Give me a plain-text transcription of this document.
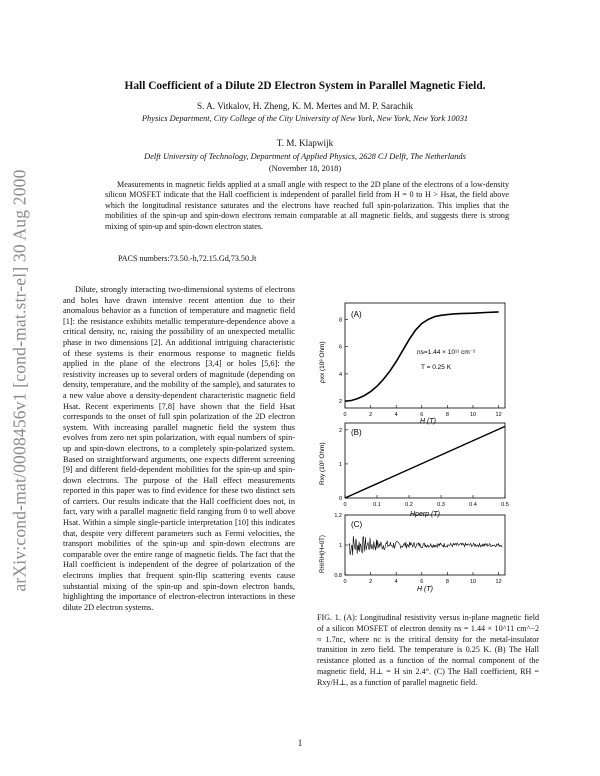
arXiv:cond-mat/0008456v1 [cond-mat.str-el] 30 Aug 2000
Hall Coefficient of a Dilute 2D Electron System in Parallel Magnetic Field.
S. A. Vitkalov, H. Zheng, K. M. Mertes and M. P. Sarachik
Physics Department, City College of the City University of New York, New York, New York 10031
T. M. Klapwijk
Delft University of Technology, Department of Applied Physics, 2628 CJ Delft, The Netherlands
(November 18, 2018)
Measurements in magnetic fields applied at a small angle with respect to the 2D plane of the electrons of a low-density silicon MOSFET indicate that the Hall coefficient is independent of parallel field from H = 0 to H > Hsat, the field above which the longitudinal resistance saturates and the electrons have reached full spin-polarization. This implies that the mobilities of the spin-up and spin-down electrons remain comparable at all magnetic fields, and suggests there is strong mixing of spin-up and spin-down electron states.
PACS numbers:73.50.-h,72.15.Gd,73.50.Jt
Dilute, strongly interacting two-dimensional systems of electrons and holes have drawn intensive recent attention due to their anomalous behavior as a function of temperature and magnetic field [1]: the resistance exhibits metallic temperature-dependence above a critical density, nc, raising the possibility of an unexpected metallic phase in two dimensions [2]. An additional intriguing characteristic of these systems is their enormous response to magnetic fields applied in the plane of the electrons [3,4] or holes [5,6]: the resistivity increases up to several orders of magnitude (depending on density, temperature, and the mobility of the sample), and saturates to a new value above a density-dependent characteristic magnetic field Hsat. Recent experiments [7,8] have shown that the field Hsat corresponds to the onset of full spin polarization of the 2D electron system. With increasing parallel magnetic field the system thus evolves from zero net spin polarization, with equal numbers of spin-up and spin-down electrons, to a completely spin-polarized system. Based on straightforward arguments, one expects different screening [9] and different field-dependent mobilities for the spin-up and spin-down electrons. The purpose of the Hall effect measurements reported in this paper was to find evidence for these two distinct sets of carriers. Our results indicate that the Hall coefficient does not, in fact, vary with a parallel magnetic field ranging from 0 to well above Hsat. Within a simple single-particle interpretation [10] this indicates that, despite very different parameters such as Fermi velocities, the transport mobilities of the spin-up and spin-down electrons are comparable over the entire range of magnetic fields. The fact that the Hall coefficient is independent of the degree of polarization of the electrons implies that frequent spin-flip scattering events cause substantial mixing of the spin-up and spin-down electron bands, highlighting the importance of electron-electron interactions in these dilute 2D electron systems.
(A)
ns=1.44 × 10¹¹ cm⁻²
T = 0.25 K
ρxx (10³ Ohm)
H (T)
0	2	4	6	8	10	12
2
4
6
8
(B)
Rxy (10³ Ohm)
Hperp (T)
0	0.1	0.2	0.3	0.4	0.5
0
1
2
(C)
RH/RH(H=0T)
H (T)
0	2	4	6	8	10	12
0.8
1
1.2
FIG. 1. (A): Longitudinal resistivity versus in-plane magnetic field of a silicon MOSFET of electron density ns = 1.44 × 10^11 cm^−2 ≈ 1.7nc, where nc is the critical density for the metal-insulator transition in zero field. The temperature is 0.25 K. (B) The Hall resistance plotted as a function of the normal component of the magnetic field, H⊥ = H sin 2.4°. (C) The Hall coefficient, RH = Rxy/H⊥, as a function of parallel magnetic field.
1
